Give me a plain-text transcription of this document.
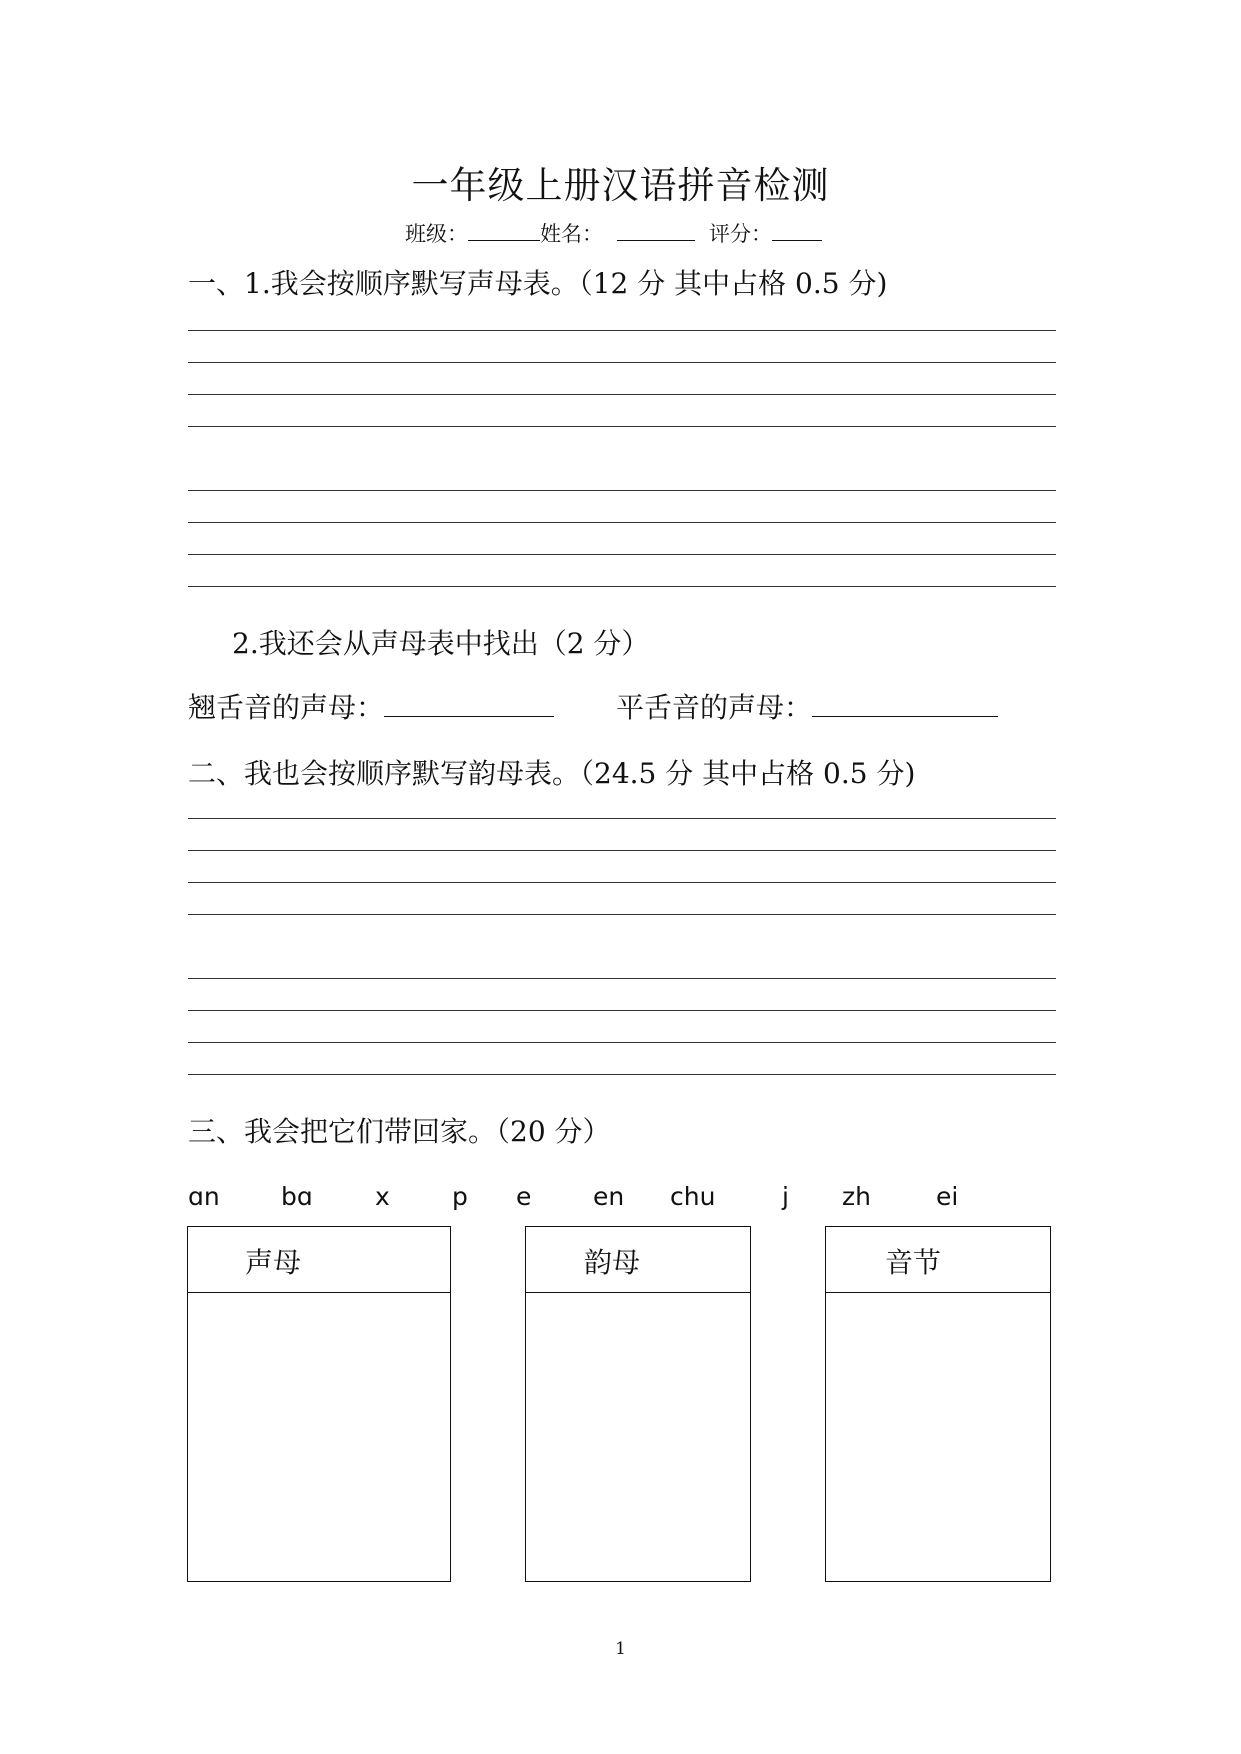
一年级上册汉语拼音检测
班级：	姓名：	评分：
一、1.我会按顺序默写声母表。（12 分 其中占格 0.5 分)
2.我还会从声母表中找出（2 分）
翘舌音的声母：	平舌音的声母：
二、我也会按顺序默写韵母表。（24.5 分 其中占格 0.5 分)
三、我会把它们带回家。（20 分）
ɑn bɑ x p e en chu	j zh	ei
声母	韵母	音节
1
